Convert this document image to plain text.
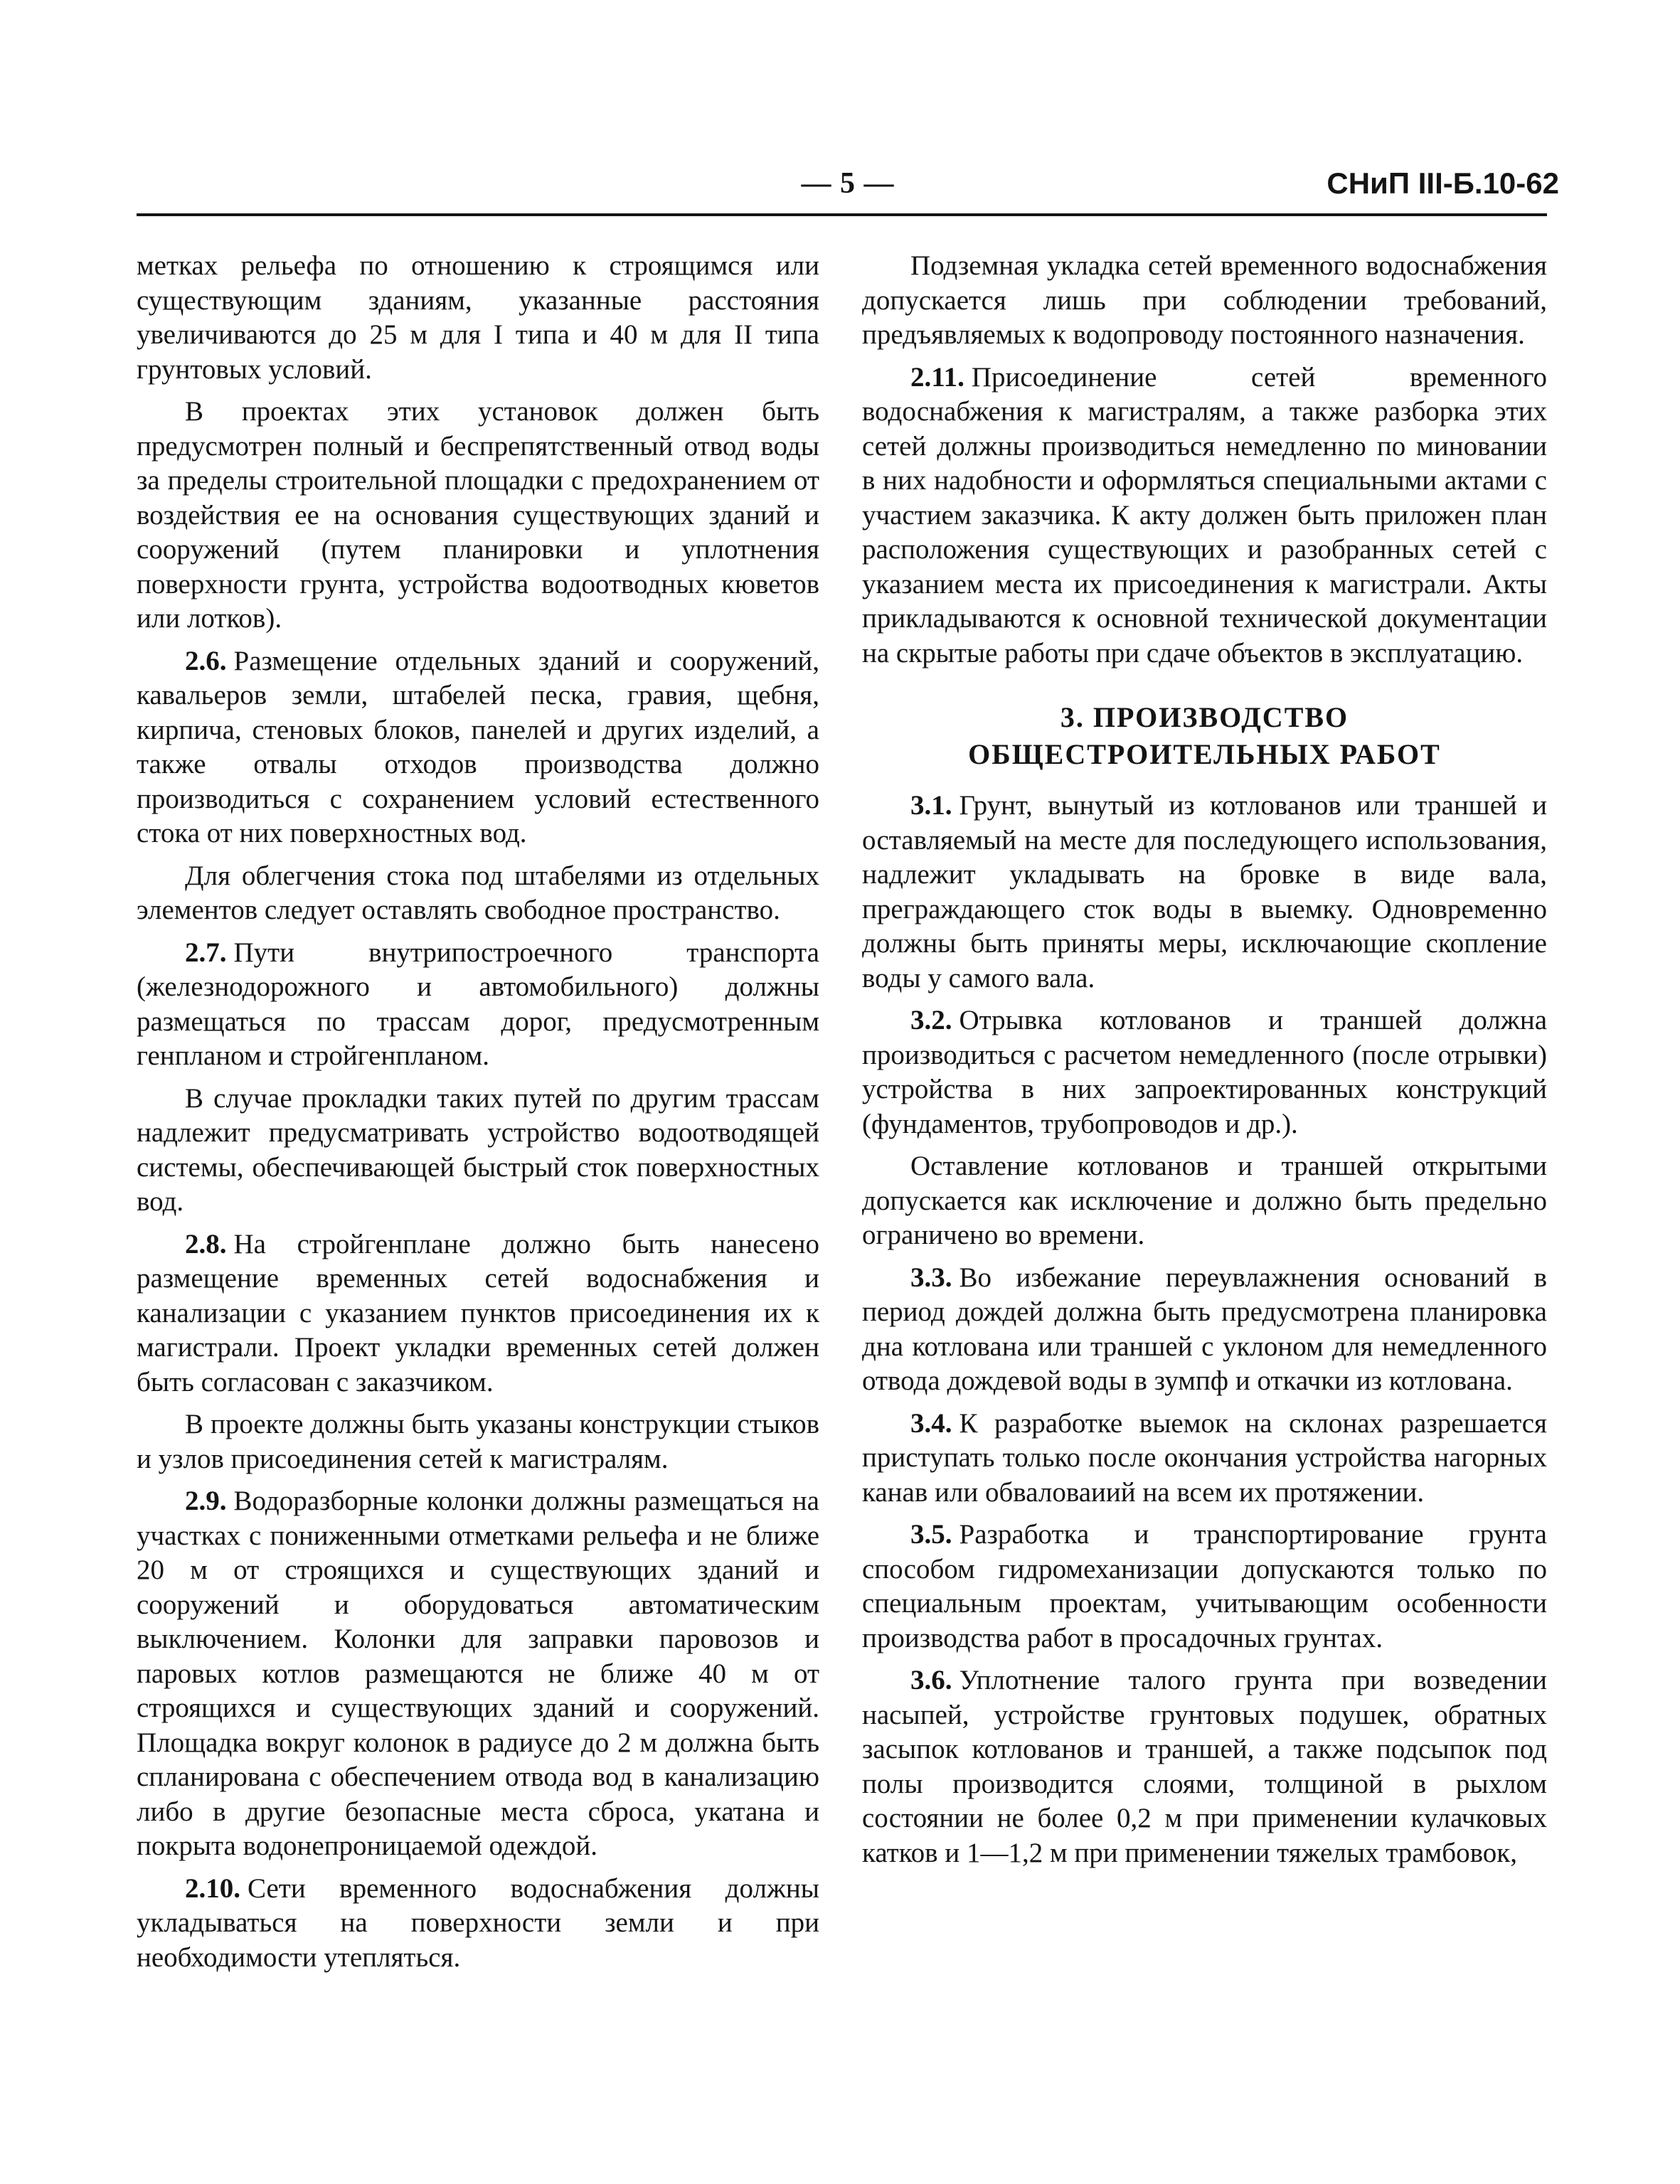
— 5 —	СНиП III-Б.10-62

метках рельефа по отношению к строящимся или существующим зданиям, указанные расстояния увеличиваются до 25 м для I типа и 40 м для II типа грунтовых условий.

В проектах этих установок должен быть предусмотрен полный и беспрепятственный отвод воды за пределы строительной площадки с предохранением от воздействия ее на основания существующих зданий и сооружений (путем планировки и уплотнения поверхности грунта, устройства водоотводных кюветов или лотков).

2.6. Размещение отдельных зданий и сооружений, кавальеров земли, штабелей песка, гравия, щебня, кирпича, стеновых блоков, панелей и других изделий, а также отвалы отходов производства должно производиться с сохранением условий естественного стока от них поверхностных вод.

Для облегчения стока под штабелями из отдельных элементов следует оставлять свободное пространство.

2.7. Пути внутрипостроечного транспорта (железнодорожного и автомобильного) должны размещаться по трассам дорог, предусмотренным генпланом и стройгенпланом.

В случае прокладки таких путей по другим трассам надлежит предусматривать устройство водоотводящей системы, обеспечивающей быстрый сток поверхностных вод.

2.8. На стройгенплане должно быть нанесено размещение временных сетей водоснабжения и канализации с указанием пунктов присоединения их к магистрали. Проект укладки временных сетей должен быть согласован с заказчиком.

В проекте должны быть указаны конструкции стыков и узлов присоединения сетей к магистралям.

2.9. Водоразборные колонки должны размещаться на участках с пониженными отметками рельефа и не ближе 20 м от строящихся и существующих зданий и сооружений и оборудоваться автоматическим выключением. Колонки для заправки паровозов и паровых котлов размещаются не ближе 40 м от строящихся и существующих зданий и сооружений. Площадка вокруг колонок в радиусе до 2 м должна быть спланирована с обеспечением отвода вод в канализацию либо в другие безопасные места сброса, укатана и покрыта водонепроницаемой одеждой.

2.10. Сети временного водоснабжения должны укладываться на поверхности земли и при необходимости утепляться.

Подземная укладка сетей временного водоснабжения допускается лишь при соблюдении требований, предъявляемых к водопроводу постоянного назначения.

2.11. Присоединение сетей временного водоснабжения к магистралям, а также разборка этих сетей должны производиться немедленно по миновании в них надобности и оформляться специальными актами с участием заказчика. К акту должен быть приложен план расположения существующих и разобранных сетей с указанием места их присоединения к магистрали. Акты прикладываются к основной технической документации на скрытые работы при сдаче объектов в эксплуатацию.

3. ПРОИЗВОДСТВО
ОБЩЕСТРОИТЕЛЬНЫХ РАБОТ

3.1. Грунт, вынутый из котлованов или траншей и оставляемый на месте для последующего использования, надлежит укладывать на бровке в виде вала, преграждающего сток воды в выемку. Одновременно должны быть приняты меры, исключающие скопление воды у самого вала.

3.2. Отрывка котлованов и траншей должна производиться с расчетом немедленного (после отрывки) устройства в них запроектированных конструкций (фундаментов, трубопроводов и др.).

Оставление котлованов и траншей открытыми допускается как исключение и должно быть предельно ограничено во времени.

3.3. Во избежание переувлажнения оснований в период дождей должна быть предусмотрена планировка дна котлована или траншей с уклоном для немедленного отвода дождевой воды в зумпф и откачки из котлована.

3.4. К разработке выемок на склонах разрешается приступать только после окончания устройства нагорных канав или обваловаиий на всем их протяжении.

3.5. Разработка и транспортирование грунта способом гидромеханизации допускаются только по специальным проектам, учитывающим особенности производства работ в просадочных грунтах.

3.6. Уплотнение талого грунта при возведении насыпей, устройстве грунтовых подушек, обратных засыпок котлованов и траншей, а также подсыпок под полы производится слоями, толщиной в рыхлом состоянии не более 0,2 м при применении кулачковых катков и 1—1,2 м при применении тяжелых трамбовок,
